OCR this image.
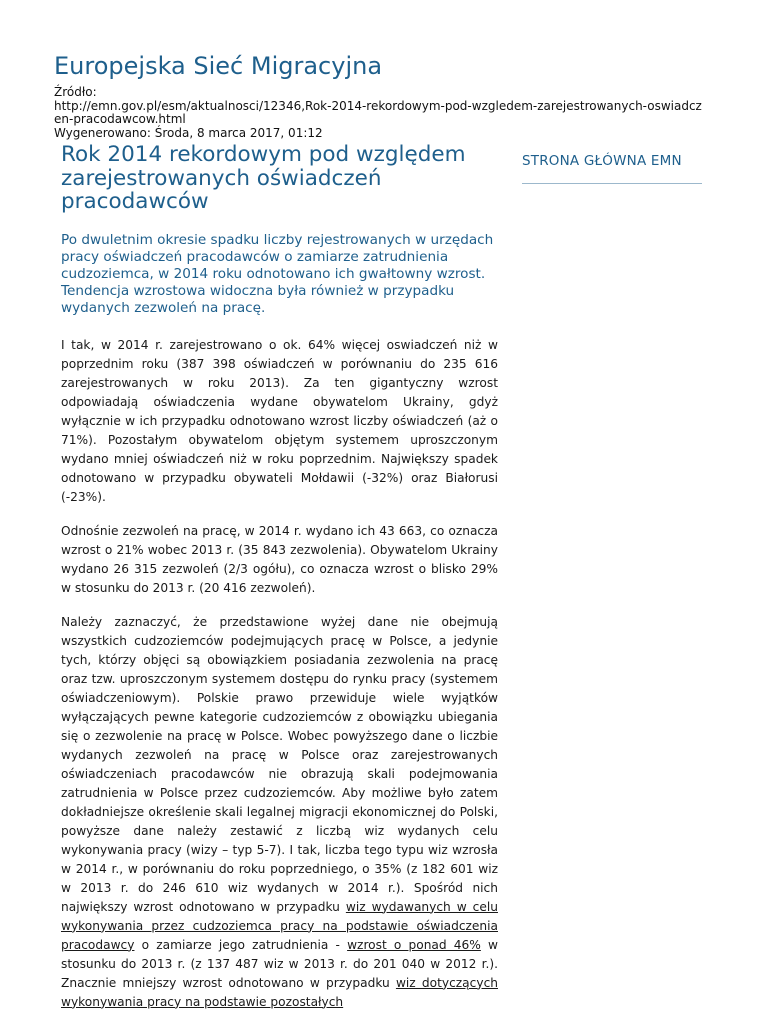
Europejska Sieć Migracyjna
Źródło:
http://emn.gov.pl/esm/aktualnosci/12346,Rok-2014-rekordowym-pod-wzgledem-zarejestrowanych-oswiadcz
en-pracodawcow.html
Wygenerowano: Środa, 8 marca 2017, 01:12
Rok 2014 rekordowym pod względem zarejestrowanych oświadczeń pracodawców

Po dwuletnim okresie spadku liczby rejestrowanych w urzędach pracy oświadczeń pracodawców o zamiarze zatrudnienia cudzoziemca, w 2014 roku odnotowano ich gwałtowny wzrost. Tendencja wzrostowa widoczna była również w przypadku wydanych zezwoleń na pracę.

I tak, w 2014 r. zarejestrowano o ok. 64% więcej oswiadczeń niż w poprzednim roku (387 398 oświadczeń w porównaniu do 235 616 zarejestrowanych w roku 2013). Za ten gigantyczny wzrost odpowiadają oświadczenia wydane obywatelom Ukrainy, gdyż wyłącznie w ich przypadku odnotowano wzrost liczby oświadczeń (aż o 71%). Pozostałym obywatelom objętym systemem uproszczonym wydano mniej oświadczeń niż w roku poprzednim. Największy spadek odnotowano w przypadku obywateli Mołdawii (-32%) oraz Białorusi (-23%).

Odnośnie zezwoleń na pracę, w 2014 r. wydano ich 43 663, co oznacza wzrost o 21% wobec 2013 r. (35 843 zezwolenia). Obywatelom Ukrainy wydano 26 315 zezwoleń (2/3 ogółu), co oznacza wzrost o blisko 29% w stosunku do 2013 r. (20 416 zezwoleń).

Należy zaznaczyć, że przedstawione wyżej dane nie obejmują wszystkich cudzoziemców podejmujących pracę w Polsce, a jedynie tych, którzy objęci są obowiązkiem posiadania zezwolenia na pracę oraz tzw. uproszczonym systemem dostępu do rynku pracy (systemem oświadczeniowym). Polskie prawo przewiduje wiele wyjątków wyłączających pewne kategorie cudzoziemców z obowiązku ubiegania się o zezwolenie na pracę w Polsce. Wobec powyższego dane o liczbie wydanych zezwoleń na pracę w Polsce oraz zarejestrowanych oświadczeniach pracodawców nie obrazują skali podejmowania zatrudnienia w Polsce przez cudzoziemców. Aby możliwe było zatem dokładniejsze określenie skali legalnej migracji ekonomicznej do Polski, powyższe dane należy zestawić z liczbą wiz wydanych celu wykonywania pracy (wizy – typ 5-7). I tak, liczba tego typu wiz wzrosła w 2014 r., w porównaniu do roku poprzedniego, o 35% (z 182 601 wiz w 2013 r. do 246 610 wiz wydanych w 2014 r.). Spośród nich największy wzrost odnotowano w przypadku wiz wydawanych w celu wykonywania przez cudzoziemca pracy na podstawie oświadczenia pracodawcy o zamiarze jego zatrudnienia - wzrost o ponad 46% w stosunku do 2013 r. (z 137 487 wiz w 2013 r. do 201 040 w 2012 r.). Znacznie mniejszy wzrost odnotowano w przypadku wiz dotyczących wykonywania pracy na podstawie pozostałych

STRONA GŁÓWNA EMN
